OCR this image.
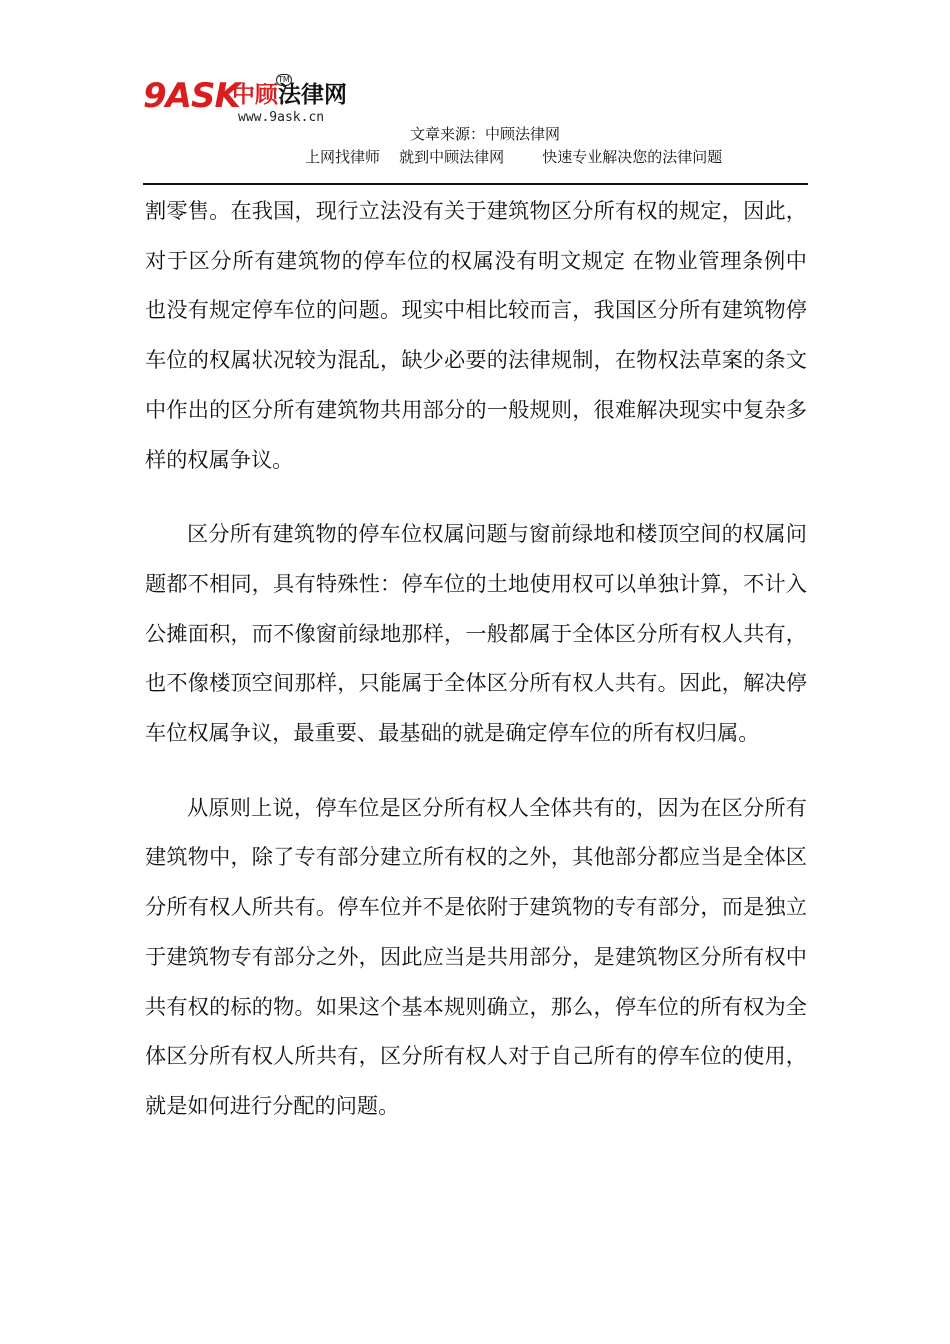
9ASK
中顾法律网
TM
www.9ask.cn
文章来源：中顾法律网
上网找律师    就到中顾法律网        快速专业解决您的法律问题

割零售。在我国，现行立法没有关于建筑物区分所有权的规定，因此，对于区分所有建筑物的停车位的权属没有明文规定 在物业管理条例中也没有规定停车位的问题。现实中相比较而言，我国区分所有建筑物停车位的权属状况较为混乱，缺少必要的法律规制，在物权法草案的条文中作出的区分所有建筑物共用部分的一般规则，很难解决现实中复杂多样的权属争议。

区分所有建筑物的停车位权属问题与窗前绿地和楼顶空间的权属问题都不相同，具有特殊性：停车位的土地使用权可以单独计算，不计入公摊面积，而不像窗前绿地那样，一般都属于全体区分所有权人共有，也不像楼顶空间那样，只能属于全体区分所有权人共有。因此，解决停车位权属争议，最重要、最基础的就是确定停车位的所有权归属。

从原则上说，停车位是区分所有权人全体共有的，因为在区分所有建筑物中，除了专有部分建立所有权的之外，其他部分都应当是全体区分所有权人所共有。停车位并不是依附于建筑物的专有部分，而是独立于建筑物专有部分之外，因此应当是共用部分，是建筑物区分所有权中共有权的标的物。如果这个基本规则确立，那么，停车位的所有权为全体区分所有权人所共有，区分所有权人对于自己所有的停车位的使用，就是如何进行分配的问题。
